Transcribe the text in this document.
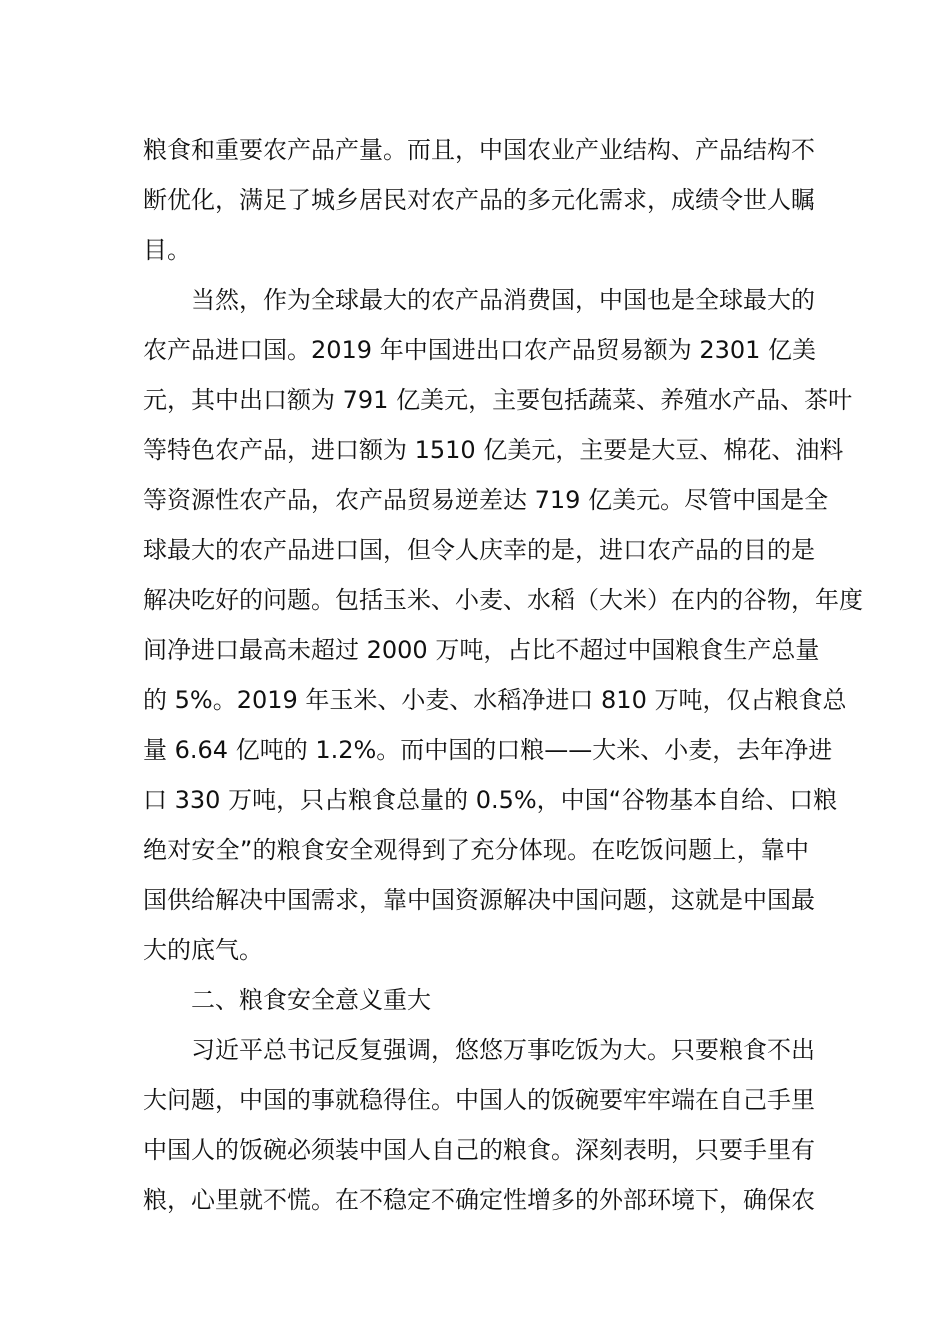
粮食和重要农产品产量。而且，中国农业产业结构、产品结构不
断优化，满足了城乡居民对农产品的多元化需求，成绩令世人瞩
目。
当然，作为全球最大的农产品消费国，中国也是全球最大的
农产品进口国。2019 年中国进出口农产品贸易额为 2301 亿美
元，其中出口额为 791 亿美元，主要包括蔬菜、养殖水产品、茶叶
等特色农产品，进口额为 1510 亿美元，主要是大豆、棉花、油料
等资源性农产品，农产品贸易逆差达 719 亿美元。尽管中国是全
球最大的农产品进口国，但令人庆幸的是，进口农产品的目的是
解决吃好的问题。包括玉米、小麦、水稻（大米）在内的谷物，年度
间净进口最高未超过 2000 万吨，占比不超过中国粮食生产总量
的 5%。2019 年玉米、小麦、水稻净进口 810 万吨，仅占粮食总
量 6.64 亿吨的 1.2%。而中国的口粮——大米、小麦，去年净进
口 330 万吨，只占粮食总量的 0.5%，中国“谷物基本自给、口粮
绝对安全”的粮食安全观得到了充分体现。在吃饭问题上，靠中
国供给解决中国需求，靠中国资源解决中国问题，这就是中国最
大的底气。
二、粮食安全意义重大
习近平总书记反复强调，悠悠万事吃饭为大。只要粮食不出
大问题，中国的事就稳得住。中国人的饭碗要牢牢端在自己手里
中国人的饭碗必须装中国人自己的粮食。深刻表明，只要手里有
粮，心里就不慌。在不稳定不确定性增多的外部环境下，确保农
